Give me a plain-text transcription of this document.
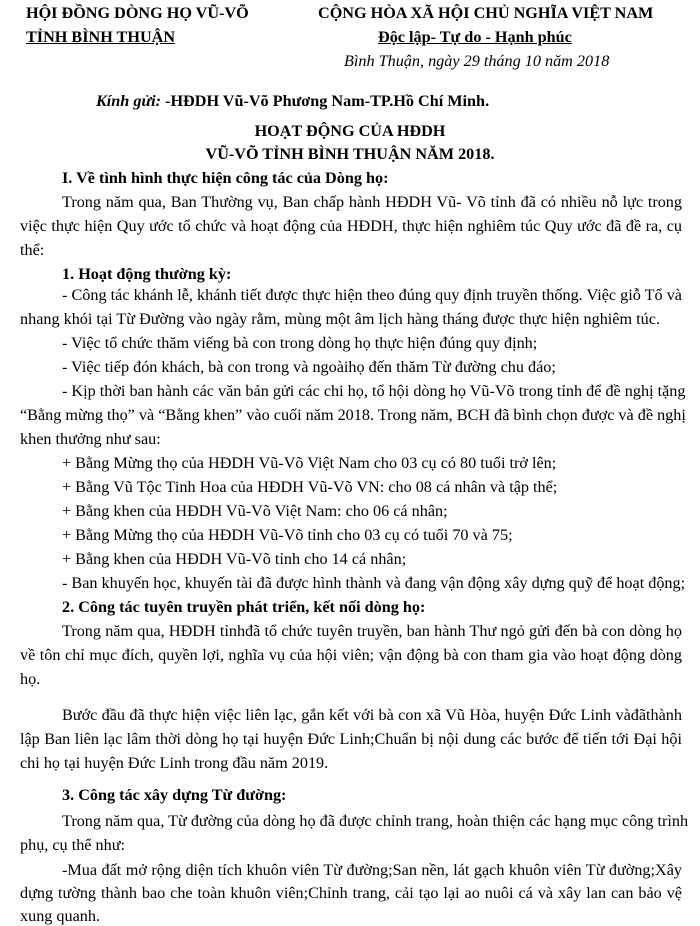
HỘI ĐỒNG DÒNG HỌ VŨ-VÕ
TỈNH BÌNH THUẬN
CỘNG HÒA XÃ HỘI CHỦ NGHĨA VIỆT NAM
Độc lập- Tự do - Hạnh phúc
Bình Thuận, ngày 29 tháng 10 năm 2018
Kính gửi: -HĐDH Vũ-Võ Phương Nam-TP.Hồ Chí Minh.
HOẠT ĐỘNG CỦA HĐDH
VŨ-VÕ TỈNH BÌNH THUẬN NĂM 2018.
I. Về tình hình thực hiện công tác của Dòng họ:
Trong năm qua, Ban Thường vụ, Ban chấp hành HĐDH Vũ- Võ tỉnh đã có nhiều nỗ lực trong
việc thực hiện Quy ước tổ chức và hoạt động của HĐDH, thực hiện nghiêm túc Quy ước đã đề ra, cụ
thể:
1. Hoạt động thường kỳ:
- Công tác khánh lễ, khánh tiết được thực hiện theo đúng quy định truyền thống. Việc giỗ Tổ và
nhang khói tại Từ Đường vào ngày rằm, mùng một âm lịch hàng tháng được thực hiện nghiêm túc.
- Việc tổ chức thăm viếng bà con trong dòng họ thực hiện đúng quy định;
- Việc tiếp đón khách, bà con trong và ngoàihọ đến thăm Từ đường chu đáo;
- Kịp thời ban hành các văn bản gửi các chi họ, tổ hội dòng họ Vũ-Võ trong tỉnh để đề nghị tặng
“Bằng mừng thọ” và “Bằng khen” vào cuối năm 2018. Trong năm, BCH đã bình chọn được và đề nghị
khen thưởng như sau:
+ Bằng Mừng thọ của HĐDH Vũ-Võ Việt Nam cho 03 cụ có 80 tuổi trở lên;
+ Bằng Vũ Tộc Tinh Hoa của HĐDH Vũ-Võ VN: cho 08 cá nhân và tập thể;
+ Bằng khen của HĐDH Vũ-Võ Việt Nam: cho 06 cá nhân;
+ Bằng Mừng thọ của HĐDH Vũ-Võ tỉnh cho 03 cụ có tuổi 70 và 75;
+ Bằng khen của HĐDH Vũ-Võ tỉnh cho 14 cá nhân;
- Ban khuyến học, khuyến tài đã được hình thành và đang vận động xây dựng quỹ để hoạt động;
2. Công tác tuyên truyền phát triển, kết nối dòng họ:
Trong năm qua, HĐDH tỉnhđã tổ chức tuyên truyền, ban hành Thư ngỏ gửi đến bà con dòng họ
về tôn chỉ mục đích, quyền lợi, nghĩa vụ của hội viên; vận động bà con tham gia vào hoạt động dòng
họ.
Bước đầu đã thực hiện việc liên lạc, gắn kết với bà con xã Vũ Hòa, huyện Đức Linh vàđãthành
lập Ban liên lạc lâm thời dòng họ tại huyện Đức Linh;Chuẩn bị nội dung các bước để tiến tới Đại hội
chi họ tại huyện Đức Linh trong đầu năm 2019.
3. Công tác xây dựng Từ đường:
Trong năm qua, Từ đường của dòng họ đã được chỉnh trang, hoàn thiện các hạng mục công trình
phụ, cụ thể như:
-Mua đất mở rộng diện tích khuôn viên Từ đường;San nền, lát gạch khuôn viên Từ đường;Xây
dựng tường thành bao che toàn khuôn viên;Chỉnh trang, cải tạo lại ao nuôi cá và xây lan can bảo vệ
xung quanh.
